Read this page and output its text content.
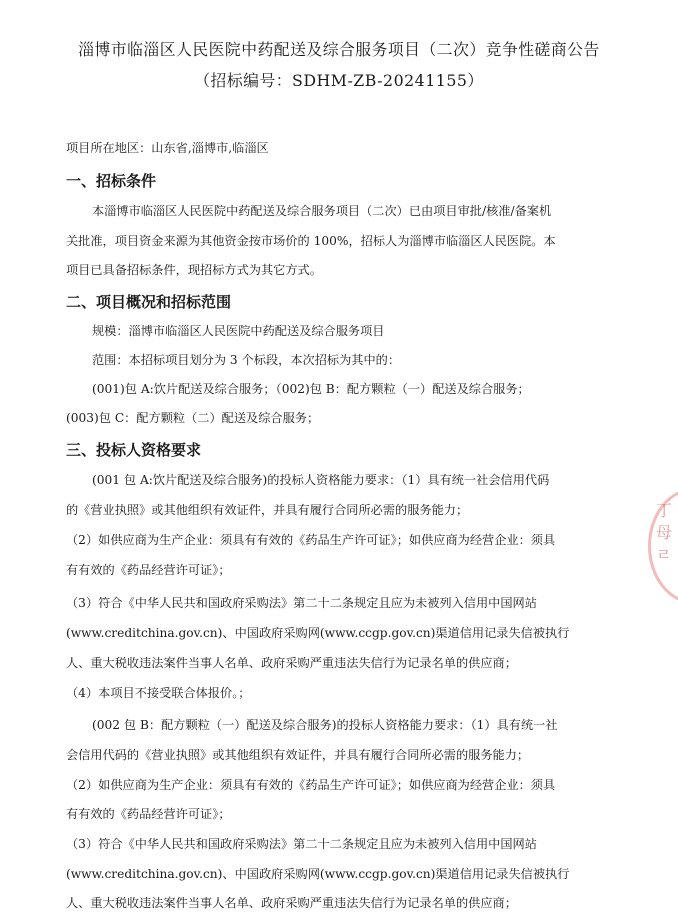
淄博市临淄区人民医院中药配送及综合服务项目（二次）竞争性磋商公告
（招标编号：SDHM-ZB-20241155）
项目所在地区：山东省,淄博市,临淄区
一、招标条件
本淄博市临淄区人民医院中药配送及综合服务项目（二次）已由项目审批/核准/备案机
关批准，项目资金来源为其他资金按市场价的 100%，招标人为淄博市临淄区人民医院。本
项目已具备招标条件，现招标方式为其它方式。
二、项目概况和招标范围
规模：淄博市临淄区人民医院中药配送及综合服务项目
范围：本招标项目划分为 3 个标段，本次招标为其中的：
(001)包 A:饮片配送及综合服务；（002)包 B：配方颗粒（一）配送及综合服务；
(003)包 C：配方颗粒（二）配送及综合服务；
三、投标人资格要求
(001 包 A:饮片配送及综合服务)的投标人资格能力要求：（1）具有统一社会信用代码
的《营业执照》或其他组织有效证件，并具有履行合同所必需的服务能力；
（2）如供应商为生产企业：须具有有效的《药品生产许可证》；如供应商为经营企业：须具
有有效的《药品经营许可证》；
（3）符合《中华人民共和国政府采购法》第二十二条规定且应为未被列入信用中国网站
(www.creditchina.gov.cn)、中国政府采购网(www.ccgp.gov.cn)渠道信用记录失信被执行
人、重大税收违法案件当事人名单、政府采购严重违法失信行为记录名单的供应商；
（4）本项目不接受联合体报价。；
(002 包 B：配方颗粒（一）配送及综合服务)的投标人资格能力要求：（1）具有统一社
会信用代码的《营业执照》或其他组织有效证件，并具有履行合同所必需的服务能力；
（2）如供应商为生产企业：须具有有效的《药品生产许可证》；如供应商为经营企业：须具
有有效的《药品经营许可证》；
（3）符合《中华人民共和国政府采购法》第二十二条规定且应为未被列入信用中国网站
(www.creditchina.gov.cn)、中国政府采购网(www.ccgp.gov.cn)渠道信用记录失信被执行
人、重大税收违法案件当事人名单、政府采购严重违法失信行为记录名单的供应商；
丁 母 ㄹ
